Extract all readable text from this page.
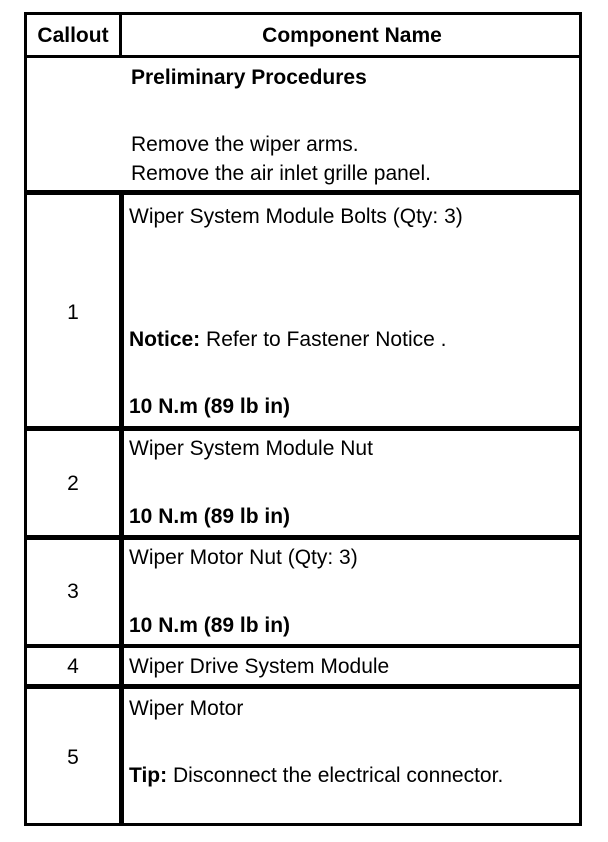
Callout	Component Name
Preliminary Procedures
Remove the wiper arms.
Remove the air inlet grille panel.
1
Wiper System Module Bolts (Qty: 3)
Notice: Refer to Fastener Notice .
10 N.m (89 lb in)
2
Wiper System Module Nut
10 N.m (89 lb in)
3
Wiper Motor Nut (Qty: 3)
10 N.m (89 lb in)
4	Wiper Drive System Module
5
Wiper Motor
Tip: Disconnect the electrical connector.
